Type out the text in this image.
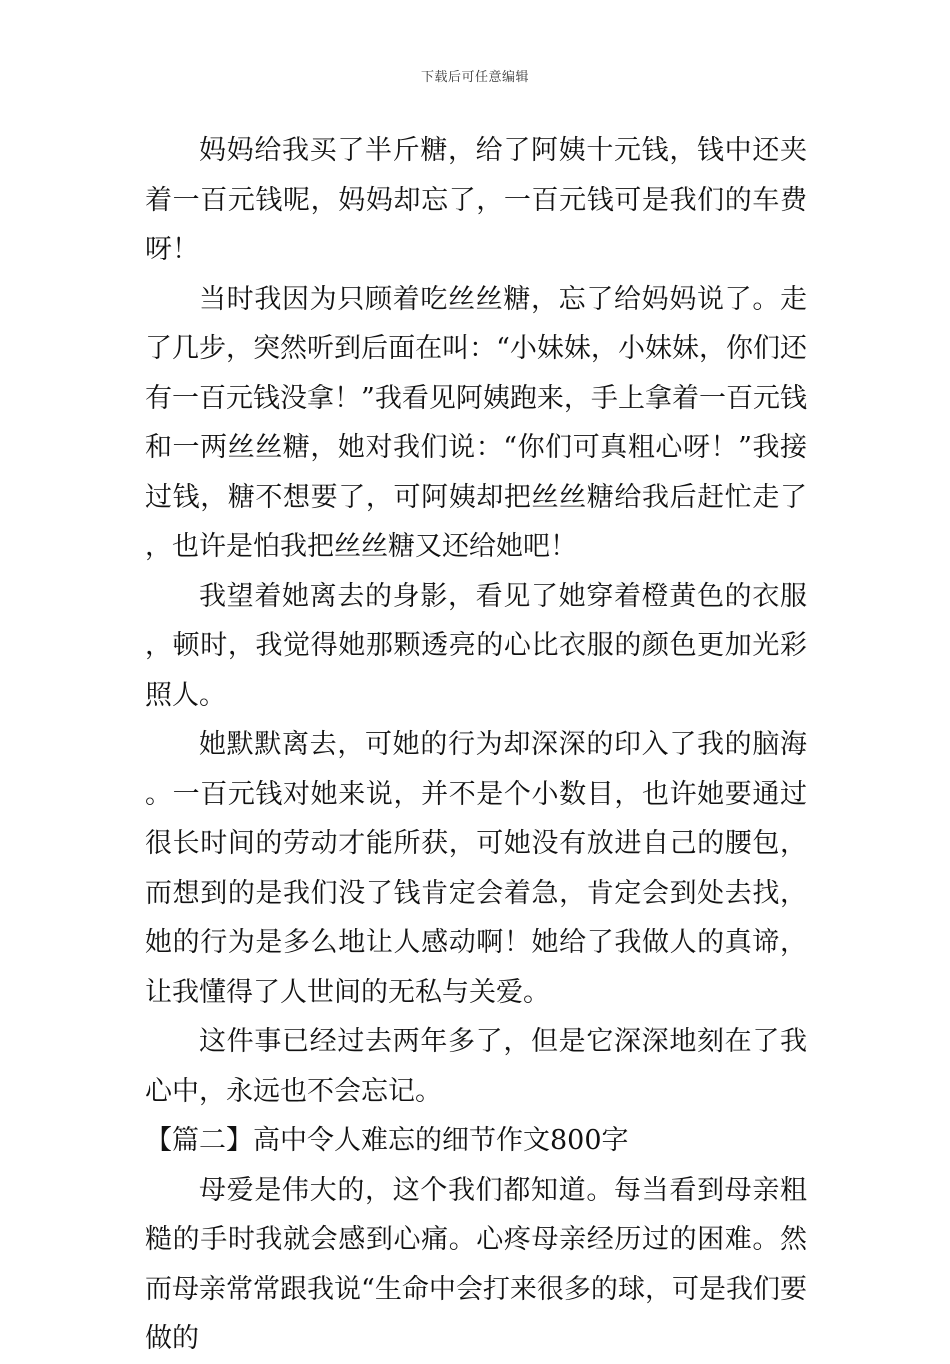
下载后可任意编辑

妈妈给我买了半斤糖，给了阿姨十元钱，钱中还夹着一百元钱呢，妈妈却忘了，一百元钱可是我们的车费呀！

当时我因为只顾着吃丝丝糖，忘了给妈妈说了。走了几步，突然听到后面在叫：“小妹妹，小妹妹，你们还有一百元钱没拿！”我看见阿姨跑来，手上拿着一百元钱和一两丝丝糖，她对我们说：“你们可真粗心呀！”我接过钱，糖不想要了，可阿姨却把丝丝糖给我后赶忙走了，也许是怕我把丝丝糖又还给她吧！

我望着她离去的身影，看见了她穿着橙黄色的衣服，顿时，我觉得她那颗透亮的心比衣服的颜色更加光彩照人。

她默默离去，可她的行为却深深的印入了我的脑海。一百元钱对她来说，并不是个小数目，也许她要通过很长时间的劳动才能所获，可她没有放进自己的腰包，而想到的是我们没了钱肯定会着急，肯定会到处去找，她的行为是多么地让人感动啊！她给了我做人的真谛，让我懂得了人世间的无私与关爱。

这件事已经过去两年多了，但是它深深地刻在了我心中，永远也不会忘记。

【篇二】高中令人难忘的细节作文800字

母爱是伟大的，这个我们都知道。每当看到母亲粗糙的手时我就会感到心痛。心疼母亲经历过的困难。然而母亲常常跟我说“生命中会打来很多的球，可是我们要做的
